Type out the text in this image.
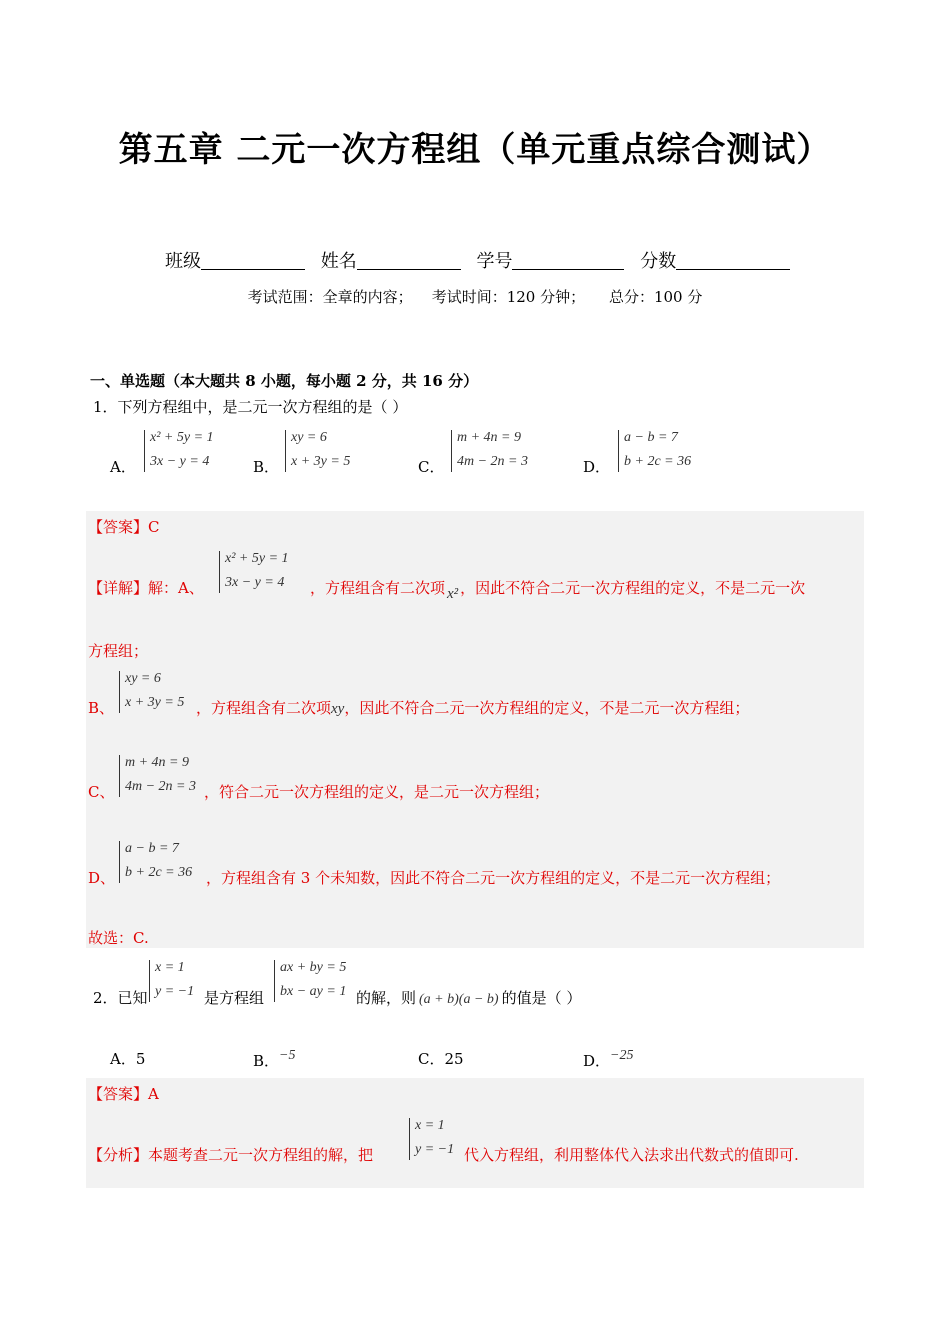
第五章 二元一次方程组（单元重点综合测试）
班级	姓名	学号	分数
考试范围：全章的内容；    考试时间：120 分钟；     总分：100 分
一、单选题（本大题共 8 小题，每小题 2 分，共 16 分）
1．下列方程组中，是二元一次方程组的是（ ）
A．
x² + 5y = 1
3x − y = 4	B．
xy = 6
x + 3y = 5	C．
m + 4n = 9
4m − 2n = 3	D．
a − b = 7
b + 2c = 36
【答案】C
【详解】解：A、
x² + 5y = 1
3x − y = 4 ，方程组含有二次项 x² ，因此不符合二元一次方程组的定义，不是二元一次
方程组；
B、
xy = 6
x + 3y = 5 ，方程组含有二次项xy，因此不符合二元一次方程组的定义，不是二元一次方程组；
C、
m + 4n = 9
4m − 2n = 3 ，符合二元一次方程组的定义，是二元一次方程组；
D、
a − b = 7
b + 2c = 36 ，方程组含有 3 个未知数，因此不符合二元一次方程组的定义，不是二元一次方程组；
故选：C.
2．已知
x = 1
y = −1 是方程组
ax + by = 5
bx − ay = 1 的解，则 (a + b)(a − b) 的值是（ ）
A．5	B．−5	C．25	D．−25
【答案】A
【分析】本题考查二元一次方程组的解，把
x = 1
y = −1 代入方程组，利用整体代入法求出代数式的值即可.
